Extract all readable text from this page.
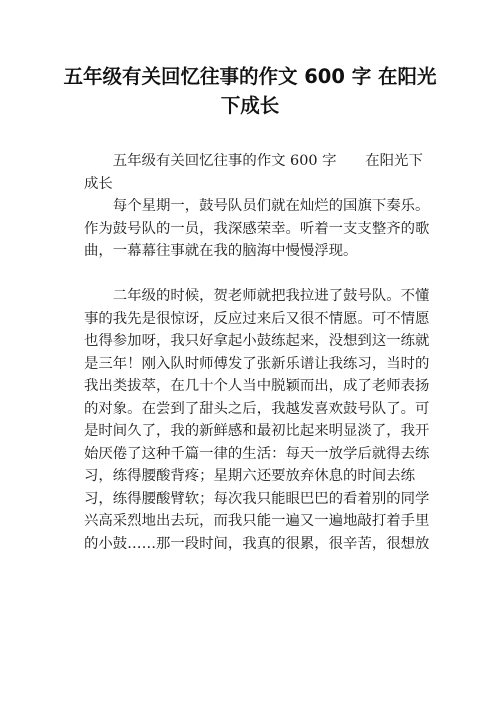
五年级有关回忆往事的作文 600 字 在阳光下成长

五年级有关回忆往事的作文 600 字　　在阳光下成长

每个星期一，鼓号队员们就在灿烂的国旗下奏乐。作为鼓号队的一员，我深感荣幸。听着一支支整齐的歌曲，一幕幕往事就在我的脑海中慢慢浮现。

二年级的时候，贺老师就把我拉进了鼓号队。不懂事的我先是很惊讶，反应过来后又很不情愿。可不情愿也得参加呀，我只好拿起小鼓练起来，没想到这一练就是三年！刚入队时师傅发了张新乐谱让我练习，当时的我出类拔萃，在几十个人当中脱颖而出，成了老师表扬的对象。在尝到了甜头之后，我越发喜欢鼓号队了。可是时间久了，我的新鲜感和最初比起来明显淡了，我开始厌倦了这种千篇一律的生活：每天一放学后就得去练习，练得腰酸背疼；星期六还要放弃休息的时间去练习，练得腰酸臂软；每次我只能眼巴巴的看着别的同学兴高采烈地出去玩，而我只能一遍又一遍地敲打着手里的小鼓……那一段时间，我真的很累，很辛苦，很想放
